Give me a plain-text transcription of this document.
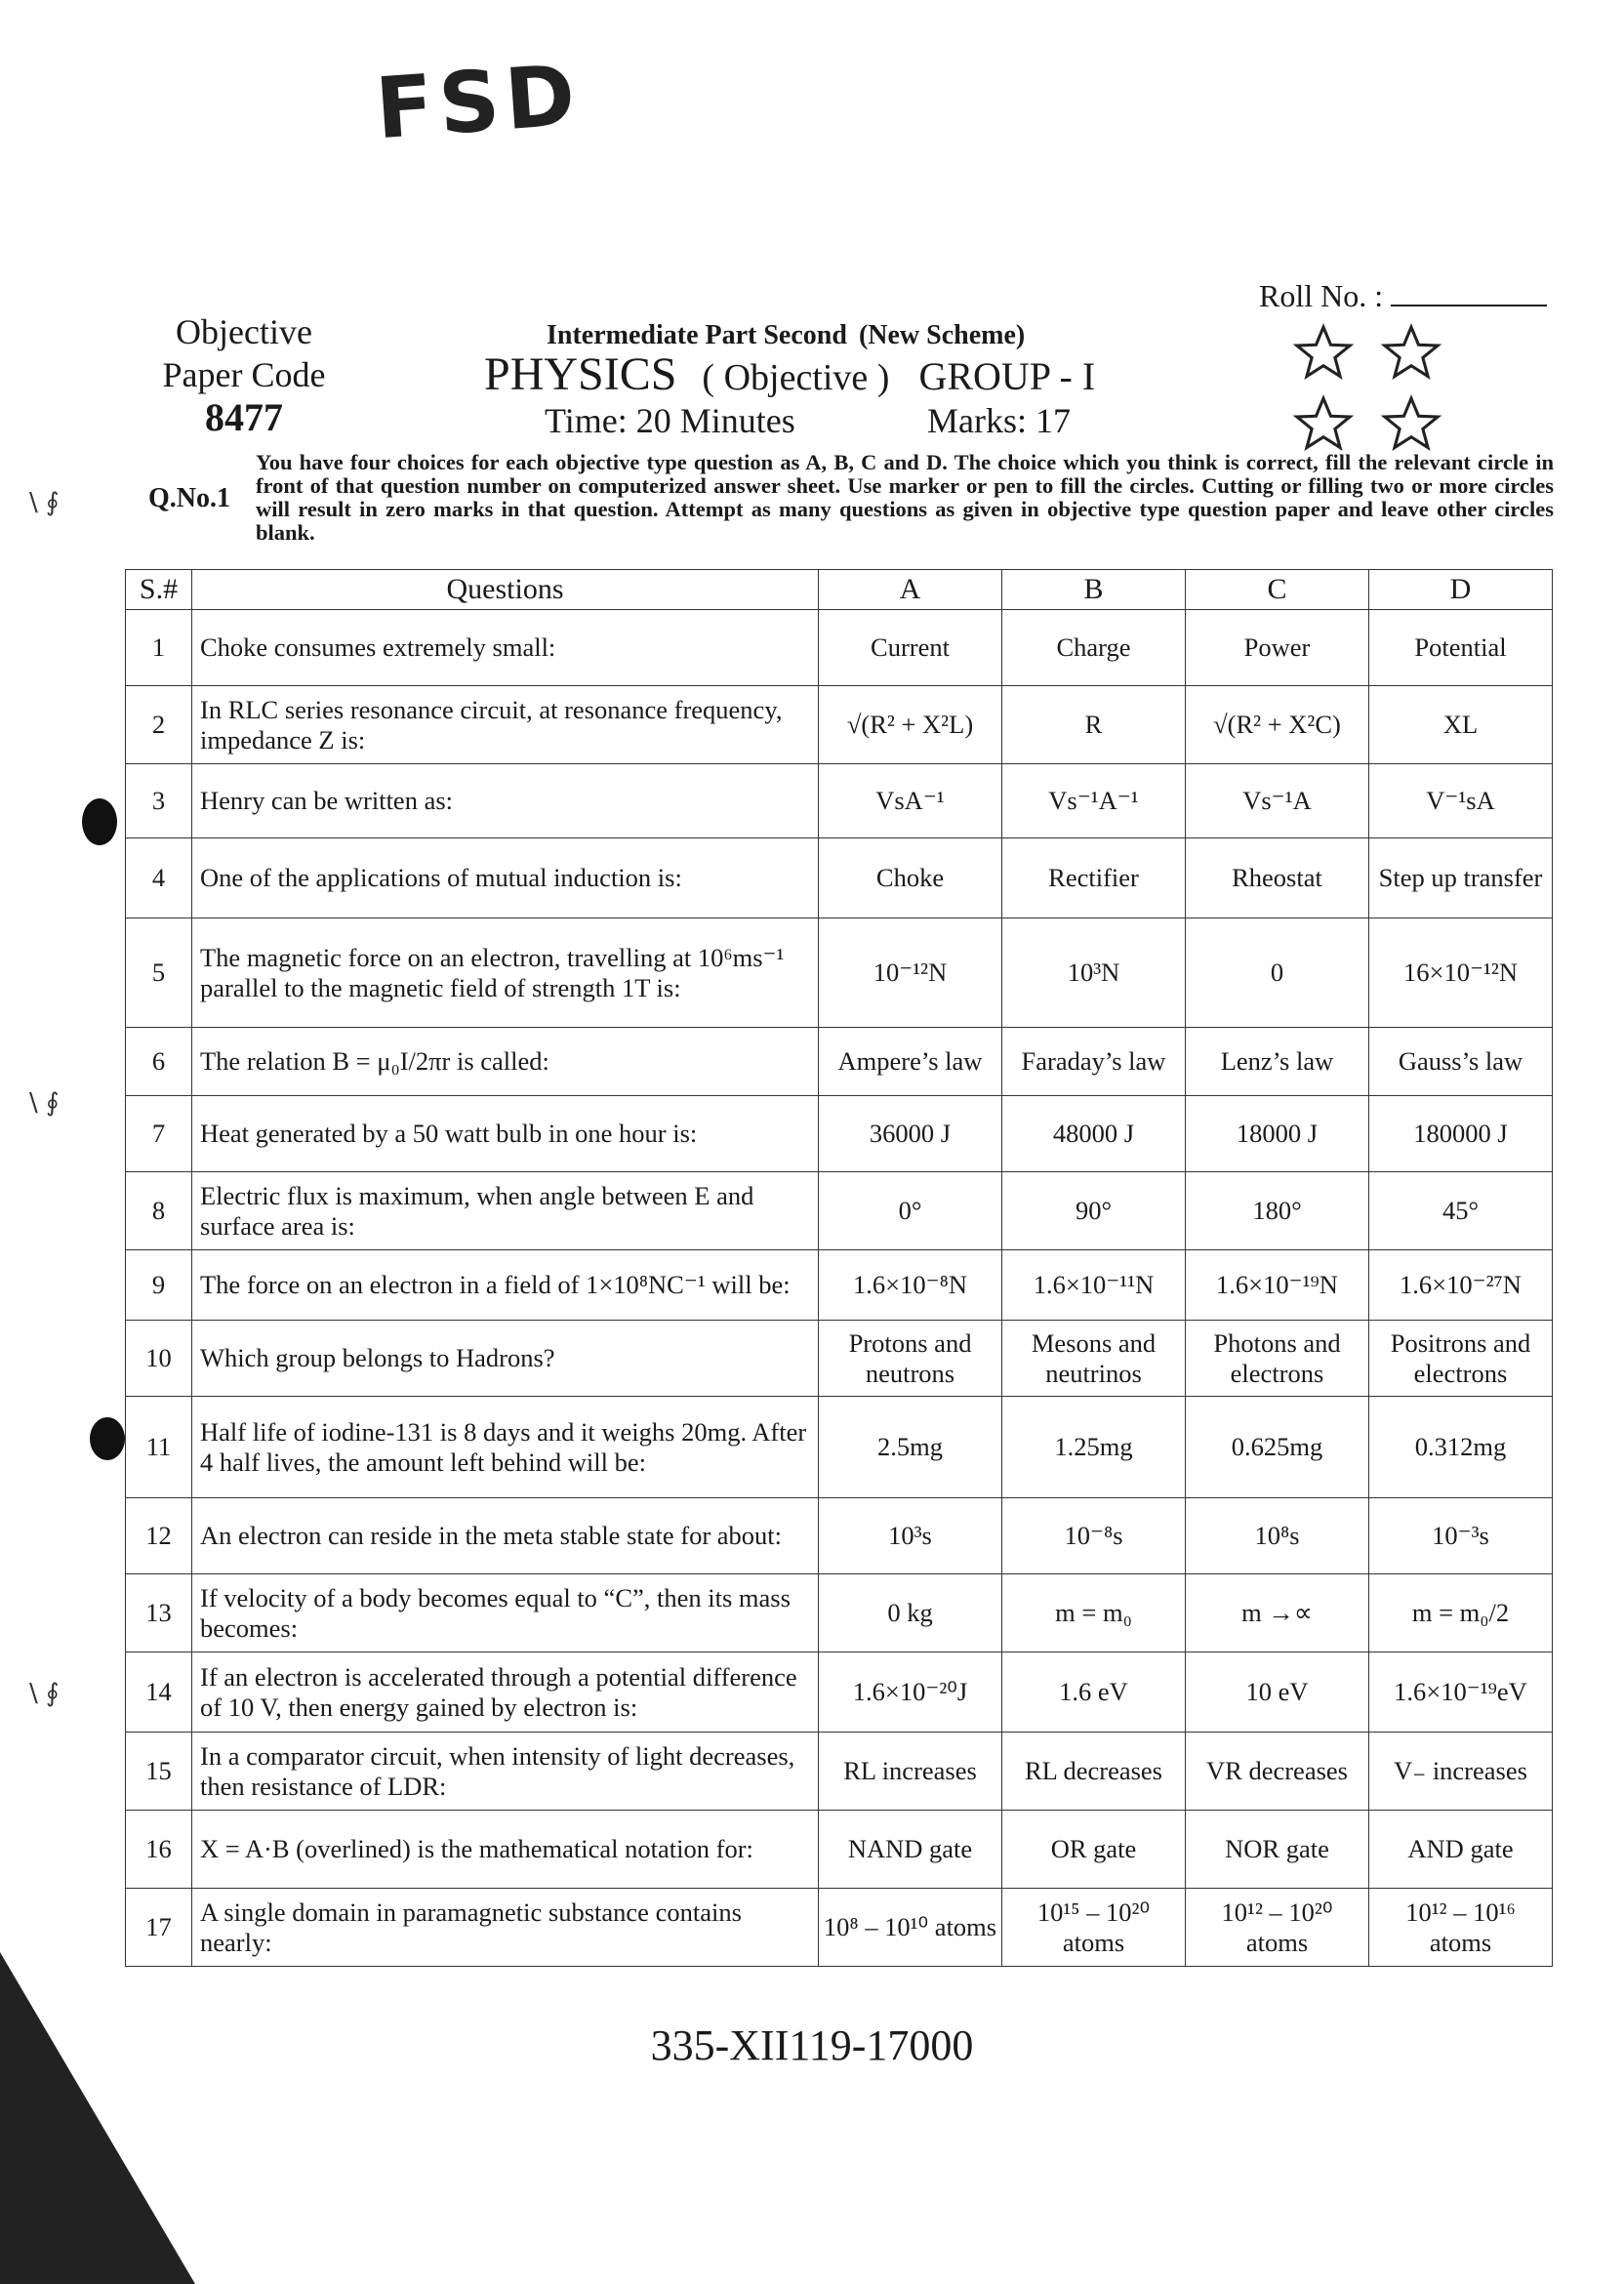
FSD
Roll No. :
Objective
Paper Code
8477
Intermediate Part Second (New Scheme)
PHYSICS ( Objective ) GROUP - I
Time: 20 Minutes	Marks: 17

Q.No.1
You have four choices for each objective type question as A, B, C and D. The choice which you think is correct, fill the relevant circle in front of that question number on computerized answer sheet. Use marker or pen to fill the circles. Cutting or filling two or more circles will result in zero marks in that question. Attempt as many questions as given in objective type question paper and leave other circles blank.
S.#	Questions	A	B	C	D
1	Choke consumes extremely small:	Current	Charge	Power	Potential
2	In RLC series resonance circuit, at resonance frequency, impedance Z is:	√(R² + X²L)	R	√(R² + X²C)	XL
3	Henry can be written as:	VsA⁻¹	Vs⁻¹A⁻¹	Vs⁻¹A	V⁻¹sA
4	One of the applications of mutual induction is:	Choke	Rectifier	Rheostat	Step up transfer
5	The magnetic force on an electron, travelling at 10⁶ms⁻¹ parallel to the magnetic field of strength 1T is:	10⁻¹²N	10³N	0	16×10⁻¹²N
6	The relation B = μ₀I/2πr is called:	Ampere’s law	Faraday’s law	Lenz’s law	Gauss’s law
7	Heat generated by a 50 watt bulb in one hour is:	36000 J	48000 J	18000 J	180000 J
8	Electric flux is maximum, when angle between E and surface area is:	0°	90°	180°	45°
9	The force on an electron in a field of 1×10⁸NC⁻¹ will be:	1.6×10⁻⁸N	1.6×10⁻¹¹N	1.6×10⁻¹⁹N	1.6×10⁻²⁷N
10	Which group belongs to Hadrons?	Protons and neutrons	Mesons and neutrinos	Photons and electrons	Positrons and electrons
11	Half life of iodine-131 is 8 days and it weighs 20mg. After 4 half lives, the amount left behind will be:	2.5mg	1.25mg	0.625mg	0.312mg
12	An electron can reside in the meta stable state for about:	10³s	10⁻⁸s	10⁸s	10⁻³s
13	If velocity of a body becomes equal to “C”, then its mass becomes:	0 kg	m = m₀	m →∝	m = m₀/2
14	If an electron is accelerated through a potential difference of 10 V, then energy gained by electron is:	1.6×10⁻²⁰J	1.6 eV	10 eV	1.6×10⁻¹⁹eV
15	In a comparator circuit, when intensity of light decreases, then resistance of LDR:	RL increases	RL decreases	VR decreases	V₋ increases
16	X = A·B (overlined) is the mathematical notation for:	NAND gate	OR gate	NOR gate	AND gate
17	A single domain in paramagnetic substance contains nearly:	10⁸ – 10¹⁰ atoms	10¹⁵ – 10²⁰ atoms	10¹² – 10²⁰ atoms	10¹² – 10¹⁶ atoms
335-XII119-17000
\ ∮
\ ∮
\ ∮
